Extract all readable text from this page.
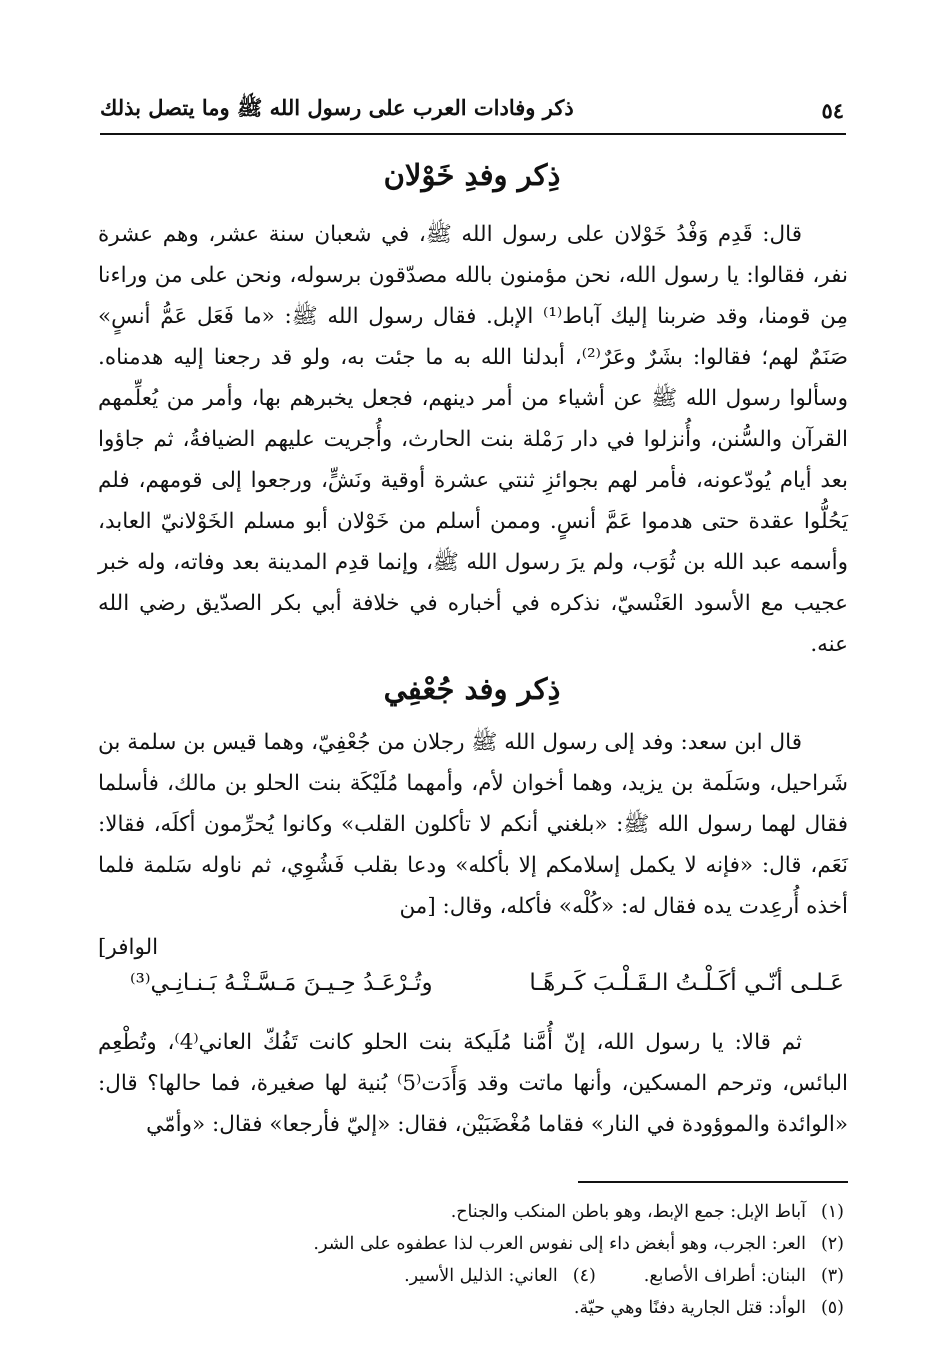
٥٤
ذكر وفادات العرب على رسول الله ﷺ وما يتصل بذلك
ذِكر وفدِ خَوْلان

قال: قَدِم وَفْدُ خَوْلان على رسول الله ﷺ، في شعبان سنة عشر، وهم عشرة نفر، فقالوا: يا رسول الله، نحن مؤمنون بالله مصدّقون برسوله، ونحن على من وراءنا مِن قومنا، وقد ضربنا إليك آباط⁽¹⁾ الإبل. فقال رسول الله ﷺ: «ما فَعَل عَمُّ أنسٍ» صَنَمٌ لهم؛ فقالوا: بشَرٌ وعَرٌ⁽²⁾، أبدلنا الله به ما جئت به، ولو قد رجعنا إليه هدمناه. وسألوا رسول الله ﷺ عن أشياء من أمر دينهم، فجعل يخبرهم بها، وأمر من يُعلِّمهم القرآن والسُّنن، وأُنزلوا في دار رَمْلة بنت الحارث، وأُجريت عليهم الضيافةُ، ثم جاؤوا بعد أيام يُودّعونه، فأمر لهم بجوائزِ ثنتي عشرة أوقية ونَشٍّ، ورجعوا إلى قومهم، فلم يَحُلُّوا عقدة حتى هدموا عَمَّ أنسٍ. وممن أسلم من خَوْلان أبو مسلم الخَوْلانيّ العابد، وأسمه عبد الله بن ثُوَب، ولم يرَ رسول الله ﷺ، وإنما قدِم المدينة بعد وفاته، وله خبر عجيب مع الأسود العَنْسيّ، نذكره في أخباره في خلافة أبي بكر الصدّيق رضي الله عنه.

ذِكر وفد جُعْفِي

قال ابن سعد: وفد إلى رسول الله ﷺ رجلان من جُعْفِيّ، وهما قيس بن سلمة بن شَراحيل، وسَلَمة بن يزيد، وهما أخوان لأم، وأمهما مُلَيْكَة بنت الحلو بن مالك، فأسلما فقال لهما رسول الله ﷺ: «بلغني أنكم لا تأكلون القلب» وكانوا يُحرِّمون أكلَه، فقالا: نَعَم، قال: «فإنه لا يكمل إسلامكم إلا بأكله» ودعا بقلب فَشُوِي، ثم ناوله سَلمة فلما أخذه أُرعِدت يده فقال له: «كُلْه» فأكله، وقال: [من

الوافر]
عَـلـى أنّـي أكَـلْـتُ الـقَـلْـبَ كَـرهًـا
وتُـرْعَـدُ حِـيـنَ مَـسَّـتْـهُ بَـنـانِـي⁽³⁾

ثم قالا: يا رسول الله، إنّ أُمَّنا مُلَيكة بنت الحلو كانت تَفُكّ العاني⁽4⁾، وتُطْعِم البائس، وترحم المسكين، وأنها ماتت وقد وَأَدَت⁽5⁾ بُنية لها صغيرة، فما حالها؟ قال: «الوائدة والموؤودة في النار» فقاما مُغْضَبَيْن، فقال: «إليّ فأرجعا» فقال: «وأمّي

(١)آباط الإبل: جمع الإبط، وهو باطن المنكب والجناح.
(٢)العر: الجرب، وهو أبغض داء إلى نفوس العرب لذا عطفوه على الشر.
(٣)البنان: أطراف الأصابع.
(٤)العاني: الذليل الأسير.
(٥)الوأد: قتل الجارية دفنًا وهي حيّة.
